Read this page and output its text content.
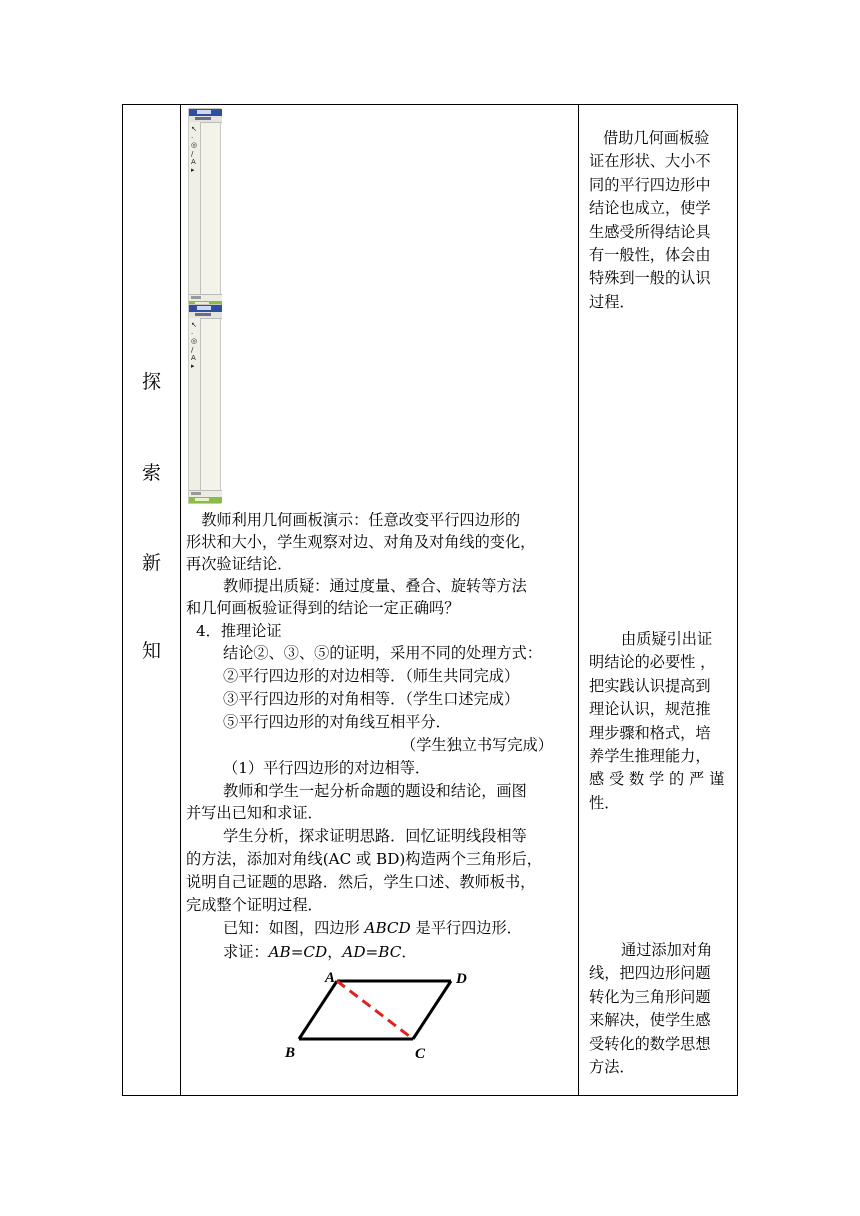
探
索
新
知
↖
·
◎
/
A
▸
↖
·
◎
/
A
▸
　教师利用几何画板演示：任意改变平行四边形的
形状和大小，学生观察对边、对角及对角线的变化，
再次验证结论．
教师提出质疑：通过度量、叠合、旋转等方法
和几何画板验证得到的结论一定正确吗？
4．推理论证
结论②、③、⑤的证明，采用不同的处理方式：
②平行四边形的对边相等．（师生共同完成）
③平行四边形的对角相等．（学生口述完成）
⑤平行四边形的对角线互相平分．
（学生独立书写完成）
（1）平行四边形的对边相等．
教师和学生一起分析命题的题设和结论，画图
并写出已知和求证．
学生分析，探求证明思路．回忆证明线段相等
的方法，添加对角线(AC 或 BD)构造两个三角形后，
说明自己证题的思路．然后，学生口述、教师板书，
完成整个证明过程．
已知：如图，四边形 ABCD 是平行四边形．
求证：AB=CD，AD=BC．
A	D
B	C
借助几何画板验
证在形状、大小不
同的平行四边形中
结论也成立，使学
生感受所得结论具
有一般性，体会由
特殊到一般的认识
过程．
由质疑引出证
明结论的必要性 ，
把实践认识提高到
理论认识，规范推
理步骤和格式，培
养学生推理能力，
感 受 数 学 的 严 谨
性．
通过添加对角
线，把四边形问题
转化为三角形问题
来解决，使学生感
受转化的数学思想
方法．
